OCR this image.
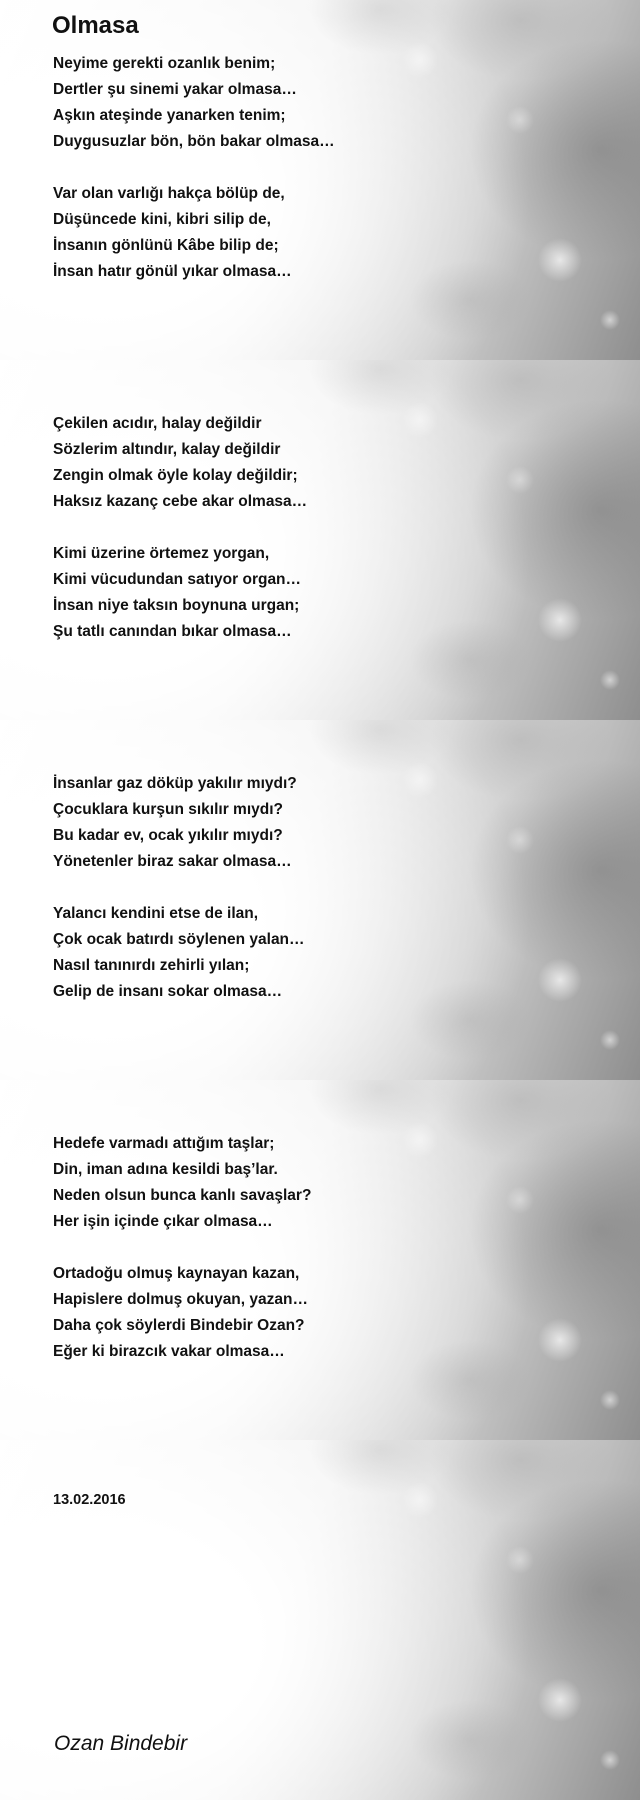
Olmasa
Neyime gerekti ozanlık benim;
Dertler şu sinemi yakar olmasa…
Aşkın ateşinde yanarken tenim;
Duygusuzlar bön, bön bakar olmasa…
Var olan varlığı hakça bölüp de,
Düşüncede kini, kibri silip de,
İnsanın gönlünü Kâbe bilip de;
İnsan hatır gönül yıkar olmasa…
Çekilen acıdır, halay değildir
Sözlerim altındır, kalay değildir
Zengin olmak öyle kolay değildir;
Haksız kazanç cebe akar olmasa…
Kimi üzerine örtemez yorgan,
Kimi vücudundan satıyor organ…
İnsan niye taksın boynuna urgan;
Şu tatlı canından bıkar olmasa…
İnsanlar gaz döküp yakılır mıydı?
Çocuklara kurşun sıkılır mıydı?
Bu kadar ev, ocak yıkılır mıydı?
Yönetenler biraz sakar olmasa…
Yalancı kendini etse de ilan,
Çok ocak batırdı söylenen yalan…
Nasıl tanınırdı zehirli yılan;
Gelip de insanı sokar olmasa…
Hedefe varmadı attığım taşlar;
Din, iman adına kesildi baş’lar.
Neden olsun bunca kanlı savaşlar?
Her işin içinde çıkar olmasa…
Ortadoğu olmuş kaynayan kazan,
Hapislere dolmuş okuyan, yazan…
Daha çok söylerdi Bindebir Ozan?
Eğer ki birazcık vakar olmasa…
13.02.2016
Ozan Bindebir
